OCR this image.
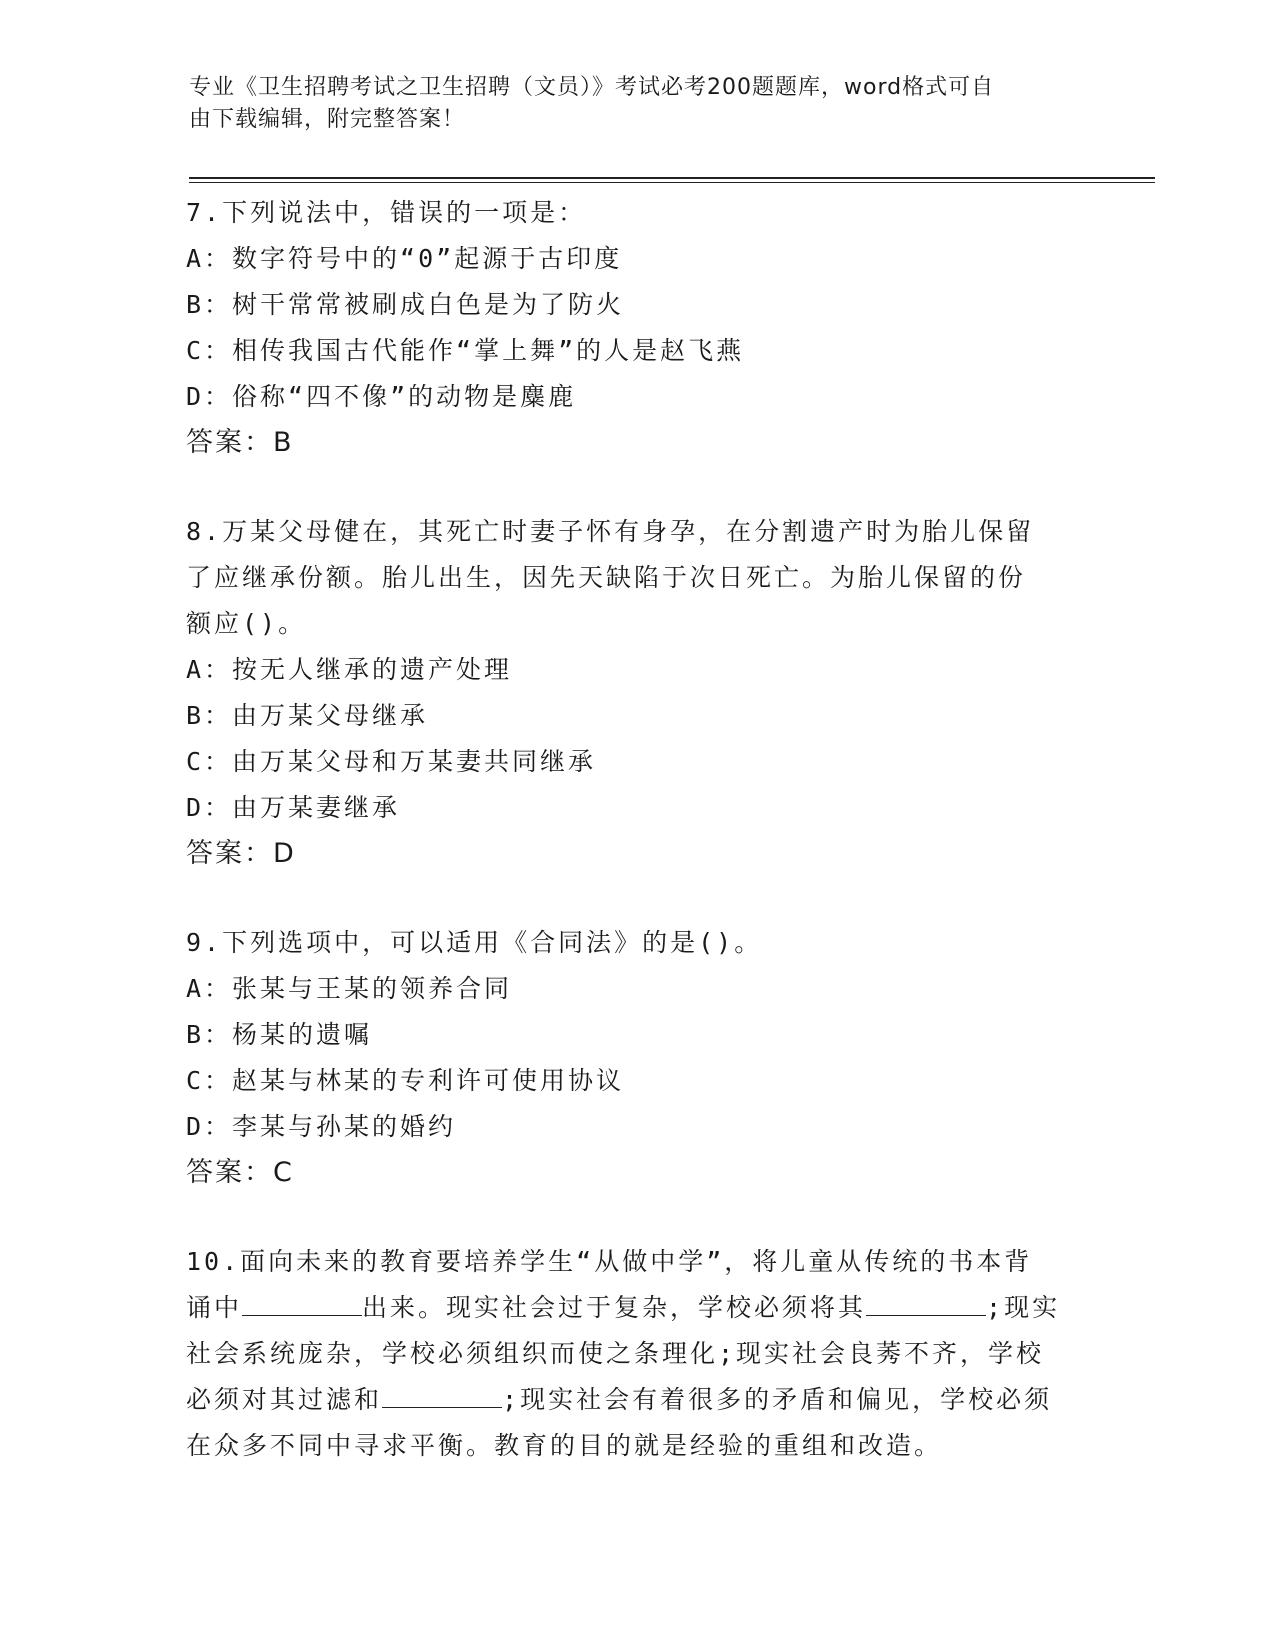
专业《卫生招聘考试之卫生招聘（文员）》考试必考200题题库，word格式可自
由下载编辑，附完整答案！
7.下列说法中，错误的一项是：
A：数字符号中的“0”起源于古印度
B：树干常常被刷成白色是为了防火
C：相传我国古代能作“掌上舞”的人是赵飞燕
D：俗称“四不像”的动物是麋鹿
答案：B
8.万某父母健在，其死亡时妻子怀有身孕，在分割遗产时为胎儿保留
了应继承份额。胎儿出生，因先天缺陷于次日死亡。为胎儿保留的份
额应()。
A：按无人继承的遗产处理
B：由万某父母继承
C：由万某父母和万某妻共同继承
D：由万某妻继承
答案：D
9.下列选项中，可以适用《合同法》的是()。
A：张某与王某的领养合同
B：杨某的遗嘱
C：赵某与林某的专利许可使用协议
D：李某与孙某的婚约
答案：C
10.面向未来的教育要培养学生“从做中学”，将儿童从传统的书本背
诵中	出来。现实社会过于复杂，学校必须将其	;现实
社会系统庞杂，学校必须组织而使之条理化;现实社会良莠不齐，学校
必须对其过滤和	;现实社会有着很多的矛盾和偏见，学校必须
在众多不同中寻求平衡。教育的目的就是经验的重组和改造。
